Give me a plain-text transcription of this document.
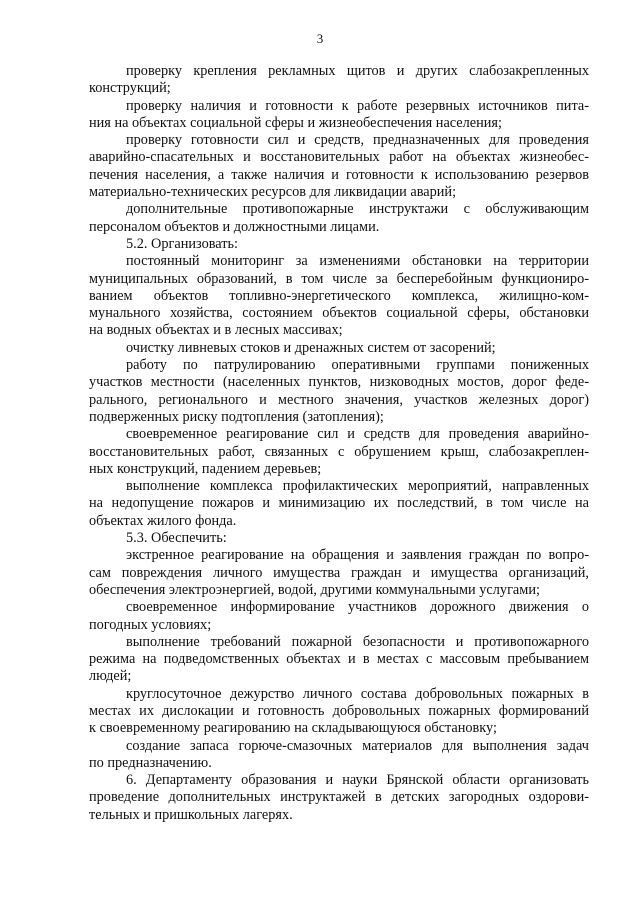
3
проверку крепления рекламных щитов и других слабозакрепленных
конструкций;
проверку наличия и готовности к работе резервных источников пита-
ния на объектах социальной сферы и жизнеобеспечения населения;
проверку готовности сил и средств, предназначенных для проведения
аварийно-спасательных и восстановительных работ на объектах жизнеобес-
печения населения, а также наличия и готовности к использованию резервов
материально-технических ресурсов для ликвидации аварий;
дополнительные противопожарные инструктажи с обслуживающим
персоналом объектов и должностными лицами.
5.2. Организовать:
постоянный мониторинг за изменениями обстановки на территории
муниципальных образований, в том числе за бесперебойным функциониро-
ванием объектов топливно-энергетического комплекса, жилищно-ком-
мунального хозяйства, состоянием объектов социальной сферы, обстановки
на водных объектах и в лесных массивах;
очистку ливневых стоков и дренажных систем от засорений;
работу по патрулированию оперативными группами пониженных
участков местности (населенных пунктов, низководных мостов, дорог феде-
рального, регионального и местного значения, участков железных дорог)
подверженных риску подтопления (затопления);
своевременное реагирование сил и средств для проведения аварийно-
восстановительных работ, связанных с обрушением крыш, слабозакреплен-
ных конструкций, падением деревьев;
выполнение комплекса профилактических мероприятий, направленных
на недопущение пожаров и минимизацию их последствий, в том числе на
объектах жилого фонда.
5.3. Обеспечить:
экстренное реагирование на обращения и заявления граждан по вопро-
сам повреждения личного имущества граждан и имущества организаций,
обеспечения электроэнергией, водой, другими коммунальными услугами;
своевременное информирование участников дорожного движения о
погодных условиях;
выполнение требований пожарной безопасности и противопожарного
режима на подведомственных объектах и в местах с массовым пребыванием
людей;
круглосуточное дежурство личного состава добровольных пожарных в
местах их дислокации и готовность добровольных пожарных формирований
к своевременному реагированию на складывающуюся обстановку;
создание запаса горюче-смазочных материалов для выполнения задач
по предназначению.
6. Департаменту образования и науки Брянской области организовать
проведение дополнительных инструктажей в детских загородных оздорови-
тельных и пришкольных лагерях.
